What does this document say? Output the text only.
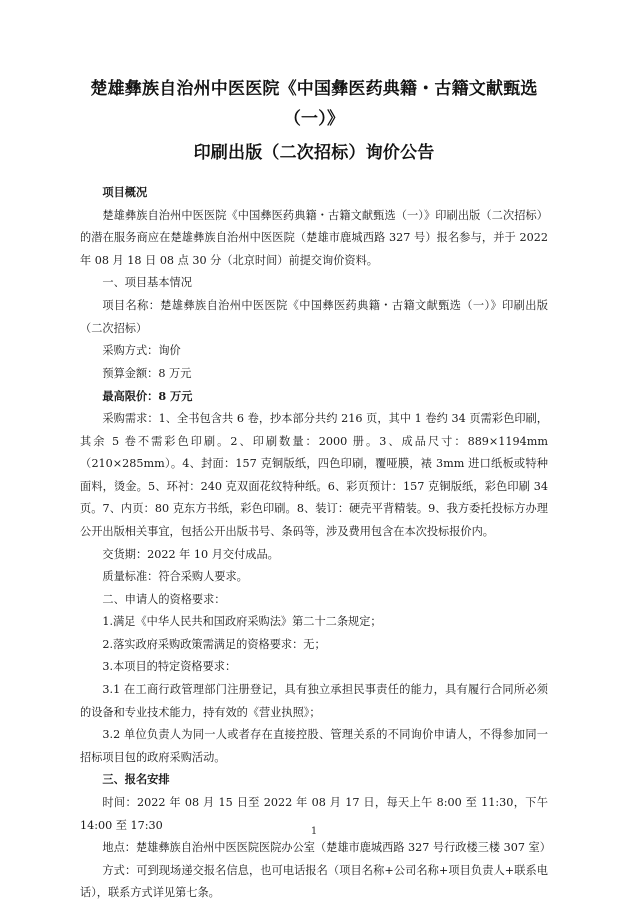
楚雄彝族自治州中医医院《中国彝医药典籍・古籍文献甄选（一）》
印刷出版（二次招标）询价公告

项目概况

楚雄彝族自治州中医医院《中国彝医药典籍・古籍文献甄选（一）》印刷出版（二次招标）的潜在服务商应在楚雄彝族自治州中医医院（楚雄市鹿城西路 327 号）报名参与，并于 2022 年 08 月 18 日 08 点 30 分（北京时间）前提交询价资料。

一、项目基本情况

项目名称：楚雄彝族自治州中医医院《中国彝医药典籍・古籍文献甄选（一）》印刷出版（二次招标）

采购方式：询价

预算金额：8 万元

最高限价：8 万元

采购需求：1、全书包含共 6 卷，抄本部分共约 216 页，其中 1 卷约 34 页需彩色印刷，其余 5 卷不需彩色印刷。2、印刷数量：2000 册。3、成品尺寸：889×1194mm（210×285mm）。4、封面：157 克铜版纸，四色印刷，覆哑膜，裱 3mm 进口纸板或特种面料，烫金。5、环衬：240 克双面花纹特种纸。6、彩页预计：157 克铜版纸，彩色印刷 34 页。7、内页：80 克东方书纸，彩色印刷。8、装订：硬壳平背精装。9、我方委托投标方办理公开出版相关事宜，包括公开出版书号、条码等，涉及费用包含在本次投标报价内。

交货期：2022 年 10 月交付成品。

质量标准：符合采购人要求。

二、申请人的资格要求：

1.满足《中华人民共和国政府采购法》第二十二条规定；

2.落实政府采购政策需满足的资格要求：无；

3.本项目的特定资格要求：

3.1 在工商行政管理部门注册登记，具有独立承担民事责任的能力，具有履行合同所必须的设备和专业技术能力，持有效的《营业执照》；

3.2 单位负责人为同一人或者存在直接控股、管理关系的不同询价申请人，不得参加同一招标项目包的政府采购活动。

三、报名安排

时间：2022 年 08 月 15 日至 2022 年 08 月 17 日，每天上午 8:00 至 11:30，下午 14:00 至 17:30

地点：楚雄彝族自治州中医医院医院办公室（楚雄市鹿城西路 327 号行政楼三楼 307 室）

方式：可到现场递交报名信息，也可电话报名（项目名称+公司名称+项目负责人+联系电话），联系方式详见第七条。

1
